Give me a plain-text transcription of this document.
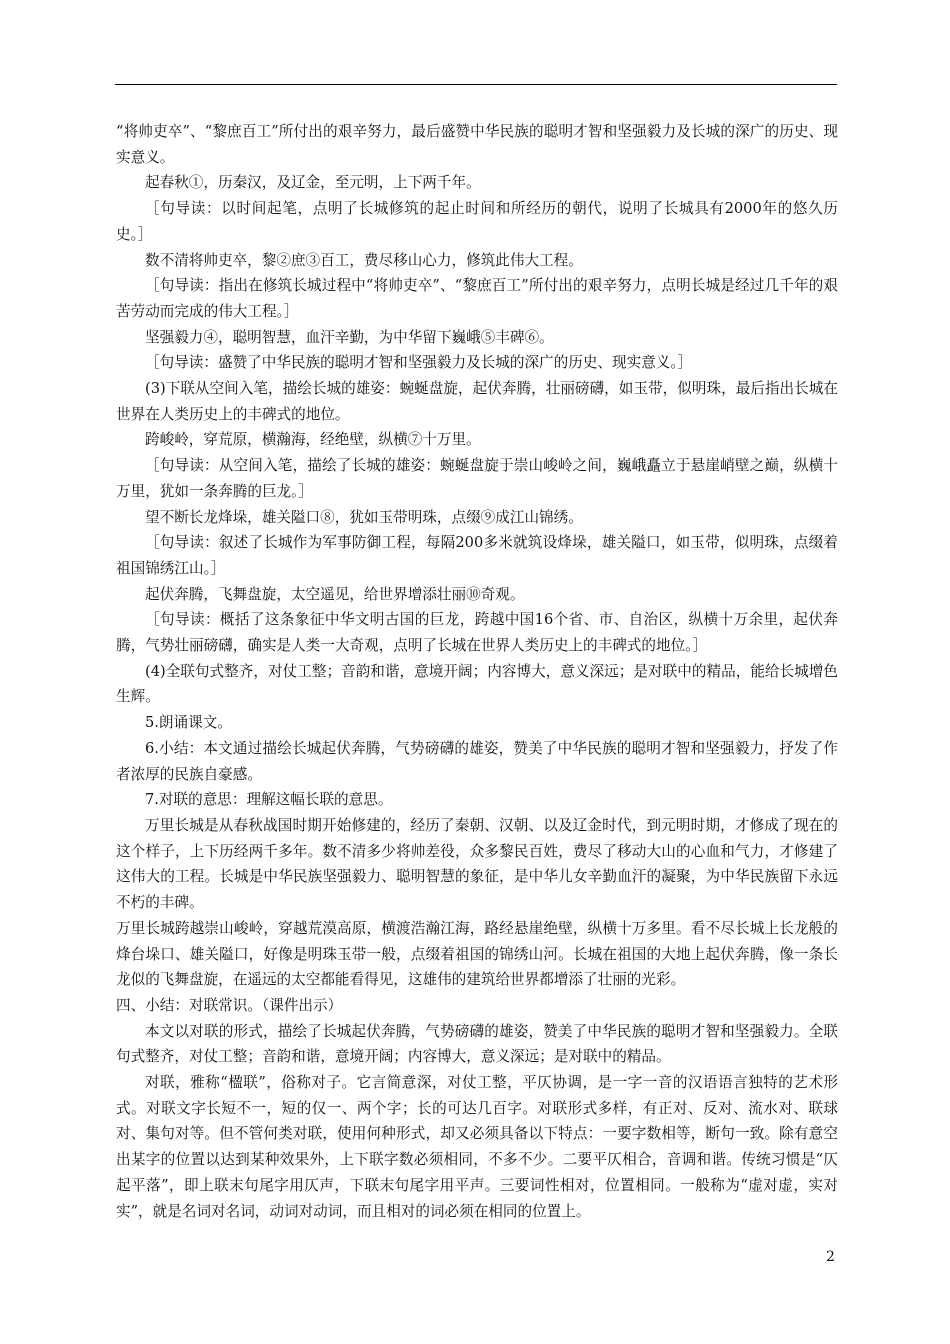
“将帅吏卒”、“黎庶百工”所付出的艰辛努力，最后盛赞中华民族的聪明才智和坚强毅力及长城的深广的历史、现实意义。

起春秋①，历秦汉，及辽金，至元明，上下两千年。

［句导读：以时间起笔，点明了长城修筑的起止时间和所经历的朝代，说明了长城具有2000年的悠久历史。］

数不清将帅吏卒，黎②庶③百工，费尽移山心力，修筑此伟大工程。

［句导读：指出在修筑长城过程中“将帅吏卒”、“黎庶百工”所付出的艰辛努力，点明长城是经过几千年的艰苦劳动而完成的伟大工程。］

坚强毅力④，聪明智慧，血汗辛勤，为中华留下巍峨⑤丰碑⑥。

［句导读：盛赞了中华民族的聪明才智和坚强毅力及长城的深广的历史、现实意义。］

(3)下联从空间入笔，描绘长城的雄姿：蜿蜒盘旋，起伏奔腾，壮丽磅礴，如玉带，似明珠，最后指出长城在世界在人类历史上的丰碑式的地位。

跨峻岭，穿荒原，横瀚海，经绝壁，纵横⑦十万里。

［句导读：从空间入笔，描绘了长城的雄姿：蜿蜒盘旋于崇山峻岭之间，巍峨矗立于悬崖峭壁之巅，纵横十万里，犹如一条奔腾的巨龙。］

望不断长龙烽垛，雄关隘口⑧，犹如玉带明珠，点缀⑨成江山锦绣。

［句导读：叙述了长城作为军事防御工程，每隔200多米就筑设烽垛，雄关隘口，如玉带，似明珠，点缀着祖国锦绣江山。］

起伏奔腾，飞舞盘旋，太空遥见，给世界增添壮丽⑩奇观。

［句导读：概括了这条象征中华文明古国的巨龙，跨越中国16个省、市、自治区，纵横十万余里，起伏奔腾，气势壮丽磅礴，确实是人类一大奇观，点明了长城在世界人类历史上的丰碑式的地位。］

(4)全联句式整齐，对仗工整；音韵和谐，意境开阔；内容博大，意义深远；是对联中的精品，能给长城增色生辉。

5.朗诵课文。

6.小结：本文通过描绘长城起伏奔腾，气势磅礴的雄姿，赞美了中华民族的聪明才智和坚强毅力，抒发了作者浓厚的民族自豪感。

7.对联的意思：理解这幅长联的意思。

万里长城是从春秋战国时期开始修建的，经历了秦朝、汉朝、以及辽金时代，到元明时期，才修成了现在的这个样子，上下历经两千多年。数不清多少将帅差役，众多黎民百姓，费尽了移动大山的心血和气力，才修建了这伟大的工程。长城是中华民族坚强毅力、聪明智慧的象征，是中华儿女辛勤血汗的凝聚，为中华民族留下永远不朽的丰碑。

万里长城跨越崇山峻岭，穿越荒漠高原，横渡浩瀚江海，路经悬崖绝壁，纵横十万多里。看不尽长城上长龙般的烽台垛口、雄关隘口，好像是明珠玉带一般，点缀着祖国的锦绣山河。长城在祖国的大地上起伏奔腾，像一条长龙似的飞舞盘旋，在遥远的太空都能看得见，这雄伟的建筑给世界都增添了壮丽的光彩。

四、小结：对联常识。（课件出示）

本文以对联的形式，描绘了长城起伏奔腾，气势磅礴的雄姿，赞美了中华民族的聪明才智和坚强毅力。全联句式整齐，对仗工整；音韵和谐，意境开阔；内容博大，意义深远；是对联中的精品。

对联，雅称“楹联”，俗称对子。它言简意深，对仗工整，平仄协调，是一字一音的汉语语言独特的艺术形式。对联文字长短不一，短的仅一、两个字；长的可达几百字。对联形式多样，有正对、反对、流水对、联球对、集句对等。但不管何类对联，使用何种形式，却又必须具备以下特点：一要字数相等，断句一致。除有意空出某字的位置以达到某种效果外，上下联字数必须相同，不多不少。二要平仄相合，音调和谐。传统习惯是“仄起平落”，即上联末句尾字用仄声，下联末句尾字用平声。三要词性相对，位置相同。一般称为“虚对虚，实对实”，就是名词对名词，动词对动词，而且相对的词必须在相同的位置上。

2
